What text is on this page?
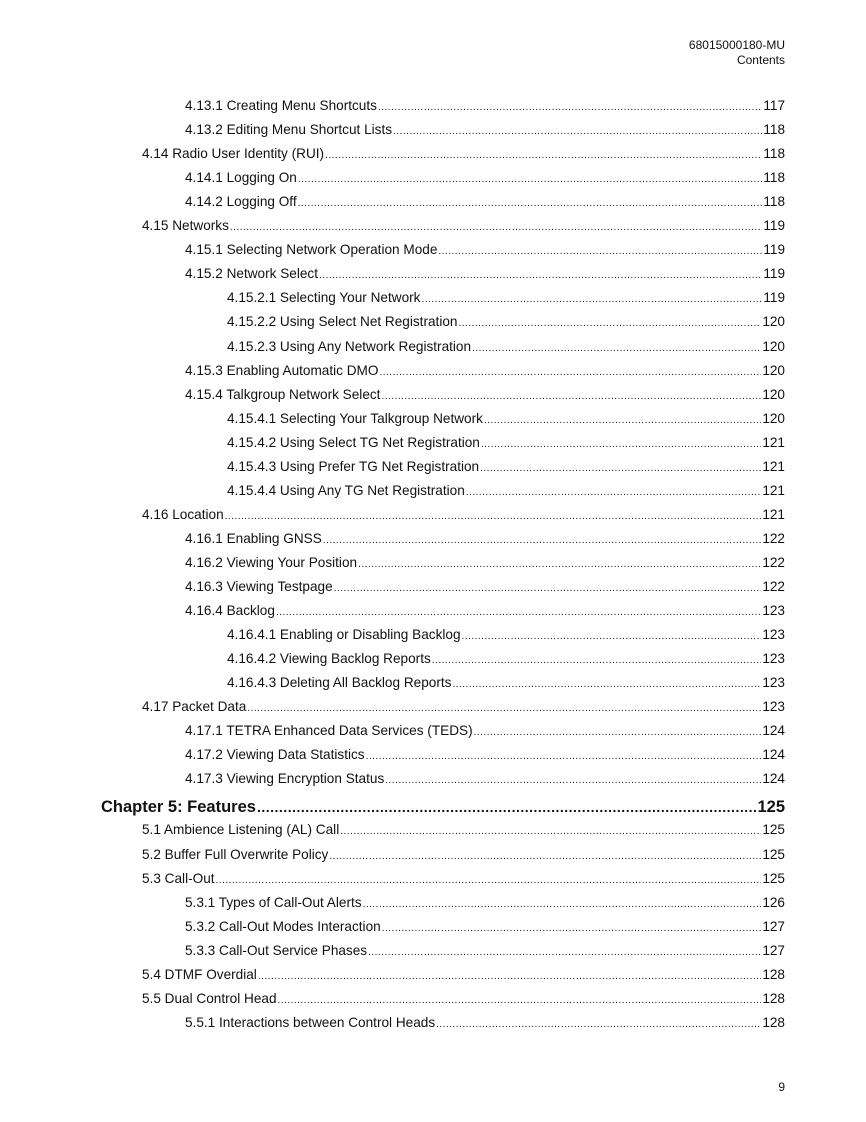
68015000180-MU
Contents
4.13.1 Creating Menu Shortcuts .....	117
4.13.2 Editing Menu Shortcut Lists .....	118
4.14 Radio User Identity (RUI) .....	118
4.14.1 Logging On .....	118
4.14.2 Logging Off .....	118
4.15 Networks .....	119
4.15.1 Selecting Network Operation Mode .....	119
4.15.2 Network Select .....	119
4.15.2.1 Selecting Your Network .....	119
4.15.2.2 Using Select Net Registration .....	120
4.15.2.3 Using Any Network Registration .....	120
4.15.3 Enabling Automatic DMO .....	120
4.15.4 Talkgroup Network Select .....	120
4.15.4.1 Selecting Your Talkgroup Network .....	120
4.15.4.2 Using Select TG Net Registration .....	121
4.15.4.3 Using Prefer TG Net Registration .....	121
4.15.4.4 Using Any TG Net Registration .....	121
4.16 Location .....	121
4.16.1 Enabling GNSS .....	122
4.16.2 Viewing Your Position .....	122
4.16.3 Viewing Testpage .....	122
4.16.4 Backlog .....	123
4.16.4.1 Enabling or Disabling Backlog .....	123
4.16.4.2 Viewing Backlog Reports .....	123
4.16.4.3 Deleting All Backlog Reports .....	123
4.17 Packet Data .....	123
4.17.1 TETRA Enhanced Data Services (TEDS) .....	124
4.17.2 Viewing Data Statistics .....	124
4.17.3 Viewing Encryption Status .....	124
Chapter 5: Features .....	125
5.1 Ambience Listening (AL) Call .....	125
5.2 Buffer Full Overwrite Policy .....	125
5.3 Call-Out .....	125
5.3.1 Types of Call-Out Alerts .....	126
5.3.2 Call-Out Modes Interaction .....	127
5.3.3 Call-Out Service Phases .....	127
5.4 DTMF Overdial .....	128
5.5 Dual Control Head .....	128
5.5.1 Interactions between Control Heads .....	128
9
